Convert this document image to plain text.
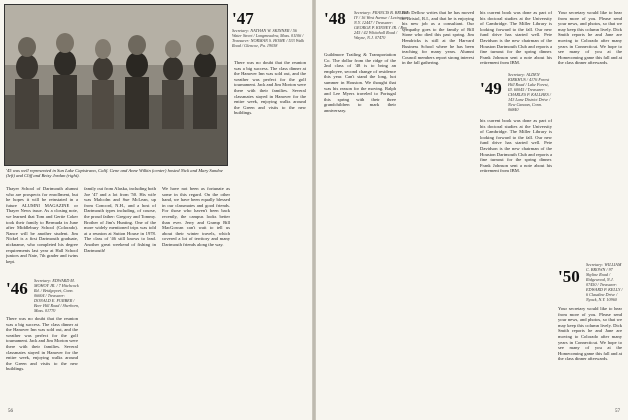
'45 was well represented in Sun Lake Capistrano, Calif. Gene and Anne Wilkin (center) hosted Nick and Mary Sandoe (left) and Cliff and Betsy Jordan (right).
Thayer School of Dartmouth alumni who are prospects for enrollment, but he hopes it will be reinstated in a future ALUMNI MAGAZINE or Thayer News issue. As a closing note, we learned that Tom and Gertie Coker took their family to Bermuda in June after Middlebury School (Colorado). Nance will be another student. Jim Nickel is a first Dartmouth graduate, nickname, who completed his degree requirements last year at Hall School juniors and Nate, 7th grader and twins kept.
'46 Secretary: EDWARD M. MOHOY JR. / 7 Hitchcock Rd. / Bridgeport, Conn. 06604 / Treasurer: DONALD E. FURBER / Beer Hill Road / Sherborn, Mass. 01770
There was no doubt that the reunion was a big success. The class dinner at the Hanover Inn was sold out, and the weather was perfect for the golf tournament. Jack and Jim Morton were there with their families. Several classmates stayed in Hanover for the entire week, enjoying walks around the Green and visits to the new buildings.
family out from Alaska, including both Joe '47 and a lot from '50. His wife was Malcolm and Sue McLean, up from Concord, N.H., and a host of Dartmouth types including, of course, the proud father: Gregory and Tommy. Brother of Jim's Hunting. One of the more widely mentioned trips was told at a reunion at Sutton House in 1978. The class of '46 still knows to lead. Another great weekend of fishing in Dartmouth!
'47
Secretary: NATHAN W. SKINNER / 56 Water Street / Longmeadow, Mass. 01106 / Treasurer: NORMAN S. HOME / 533 Walk Road / Glencoe, Pa. 19038
We have not been as fortunate as some in this regard. On the other hand, we have been equally blessed in our classmates and good friends. For those who haven't been back recently, the campus looks better than ever. Jerry and Gramp Bill MacGowan can't wait to tell us about their winter travels, which covered a lot of territory and many Dartmouth friends along the way.
There was no doubt that the reunion was a big success. The class dinner at the Hanover Inn was sold out, and the weather was perfect for the golf tournament. Jack and Jim Morton were there with their families. Several classmates stayed in Hanover for the entire week, enjoying walks around the Green and visits to the new buildings.
56
'48 Secretary: FRANCIS B. BRUNT IV / 16 West Avenue / Lexington, N.Y. 12447 / Treasurer: GEORGE P. KINNEY JR. / Box 245 / 42 Whitehall Road / Wayne, N.J. 07470
Guildmore Trailing & Transportation Co. The dollar from the ridge of the 2nd class of '48 is to bring an employee, second change of residence this year. Can't stand the long, hot summer in Houston. We thought that was his reason for the moving. Ralph and Lee Myers traveled to Portugal this spring with their three grandchildren to mark their anniversary.
Bob Dellow writes that he has moved to Bristol, R.I., and that he is enjoying his new job as a consultant. Our sympathy goes to the family of Bill Stone who died this past spring. Jim Hendricks is still at the Harvard Business School where he has been teaching for many years. Alumni Council members report strong interest in the fall gathering.
'49
Secretary: ALDEN KIRKHUS / 4176 Forest Hill Road / Lake Forest, Ill. 60045 / Treasurer: CHARLES P. KALLHES / 143 Lane District Drive / New Canaan, Conn. 06840
his current book was done as part of his doctoral studies at the University of Cambridge. The Miller Library is looking forward to the fall. Our new fund drive has started well. Pete Davidson is the new chairman of the Houston Dartmouth Club and reports a fine turnout for the spring dinner. Frank Johnson sent a note about his retirement from IBM.
his current book was done as part of his doctoral studies at the University of Cambridge. The Miller Library is looking forward to the fall. Our new fund drive has started well. Pete Davidson is the new chairman of the Houston Dartmouth Club and reports a fine turnout for the spring dinner. Frank Johnson sent a note about his retirement from IBM.
Your secretary would like to hear from more of you. Please send your news, and photos, so that we may keep this column lively. Dick Smith reports he and Jane are moving to Colorado after many years in Connecticut. We hope to see many of you at the Homecoming game this fall and at the class dinner afterwards.
'50
Secretary: WILLIAM C. BROWN / 97 Skyline Road / Ridgewood, N.J. 07450 / Treasurer: EDWARD P. KELLY / 6 Claudine Drive / Nyack, N.Y. 10960
Your secretary would like to hear from more of you. Please send your news, and photos, so that we may keep this column lively. Dick Smith reports he and Jane are moving to Colorado after many years in Connecticut. We hope to see many of you at the Homecoming game this fall and at the class dinner afterwards.
57
